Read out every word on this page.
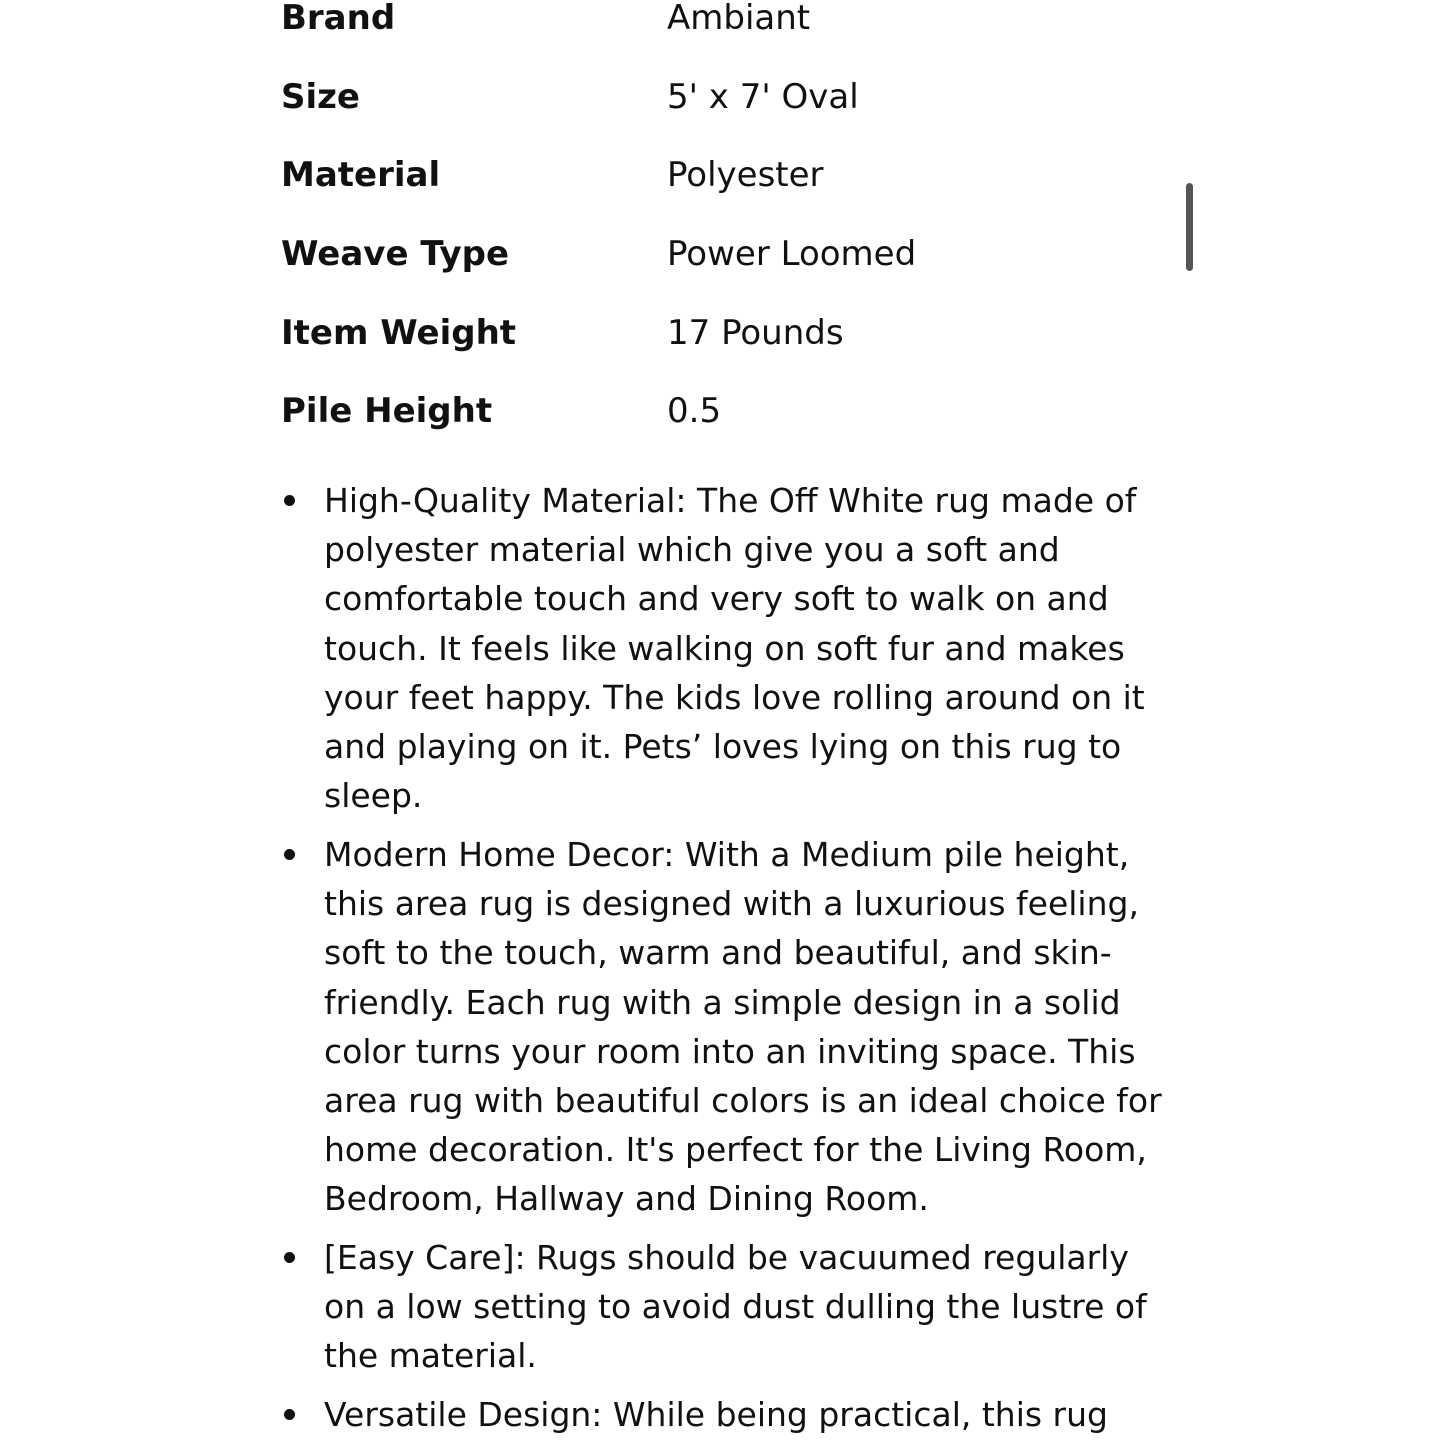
Brand	Ambiant
Size	5' x 7' Oval
Material	Polyester
Weave Type	Power Loomed
Item Weight	17 Pounds
Pile Height	0.5
High-Quality Material: The Off White rug made of polyester material which give you a soft and comfortable touch and very soft to walk on and touch. It feels like walking on soft fur and makes your feet happy. The kids love rolling around on it and playing on it. Pets’ loves lying on this rug to sleep.
Modern Home Decor: With a Medium pile height, this area rug is designed with a luxurious feeling, soft to the touch, warm and beautiful, and skin-friendly. Each rug with a simple design in a solid color turns your room into an inviting space. This area rug with beautiful colors is an ideal choice for home decoration. It's perfect for the Living Room, Bedroom, Hallway and Dining Room.
[Easy Care]: Rugs should be vacuumed regularly on a low setting to avoid dust dulling the lustre of the material.
Versatile Design: While being practical, this rug
